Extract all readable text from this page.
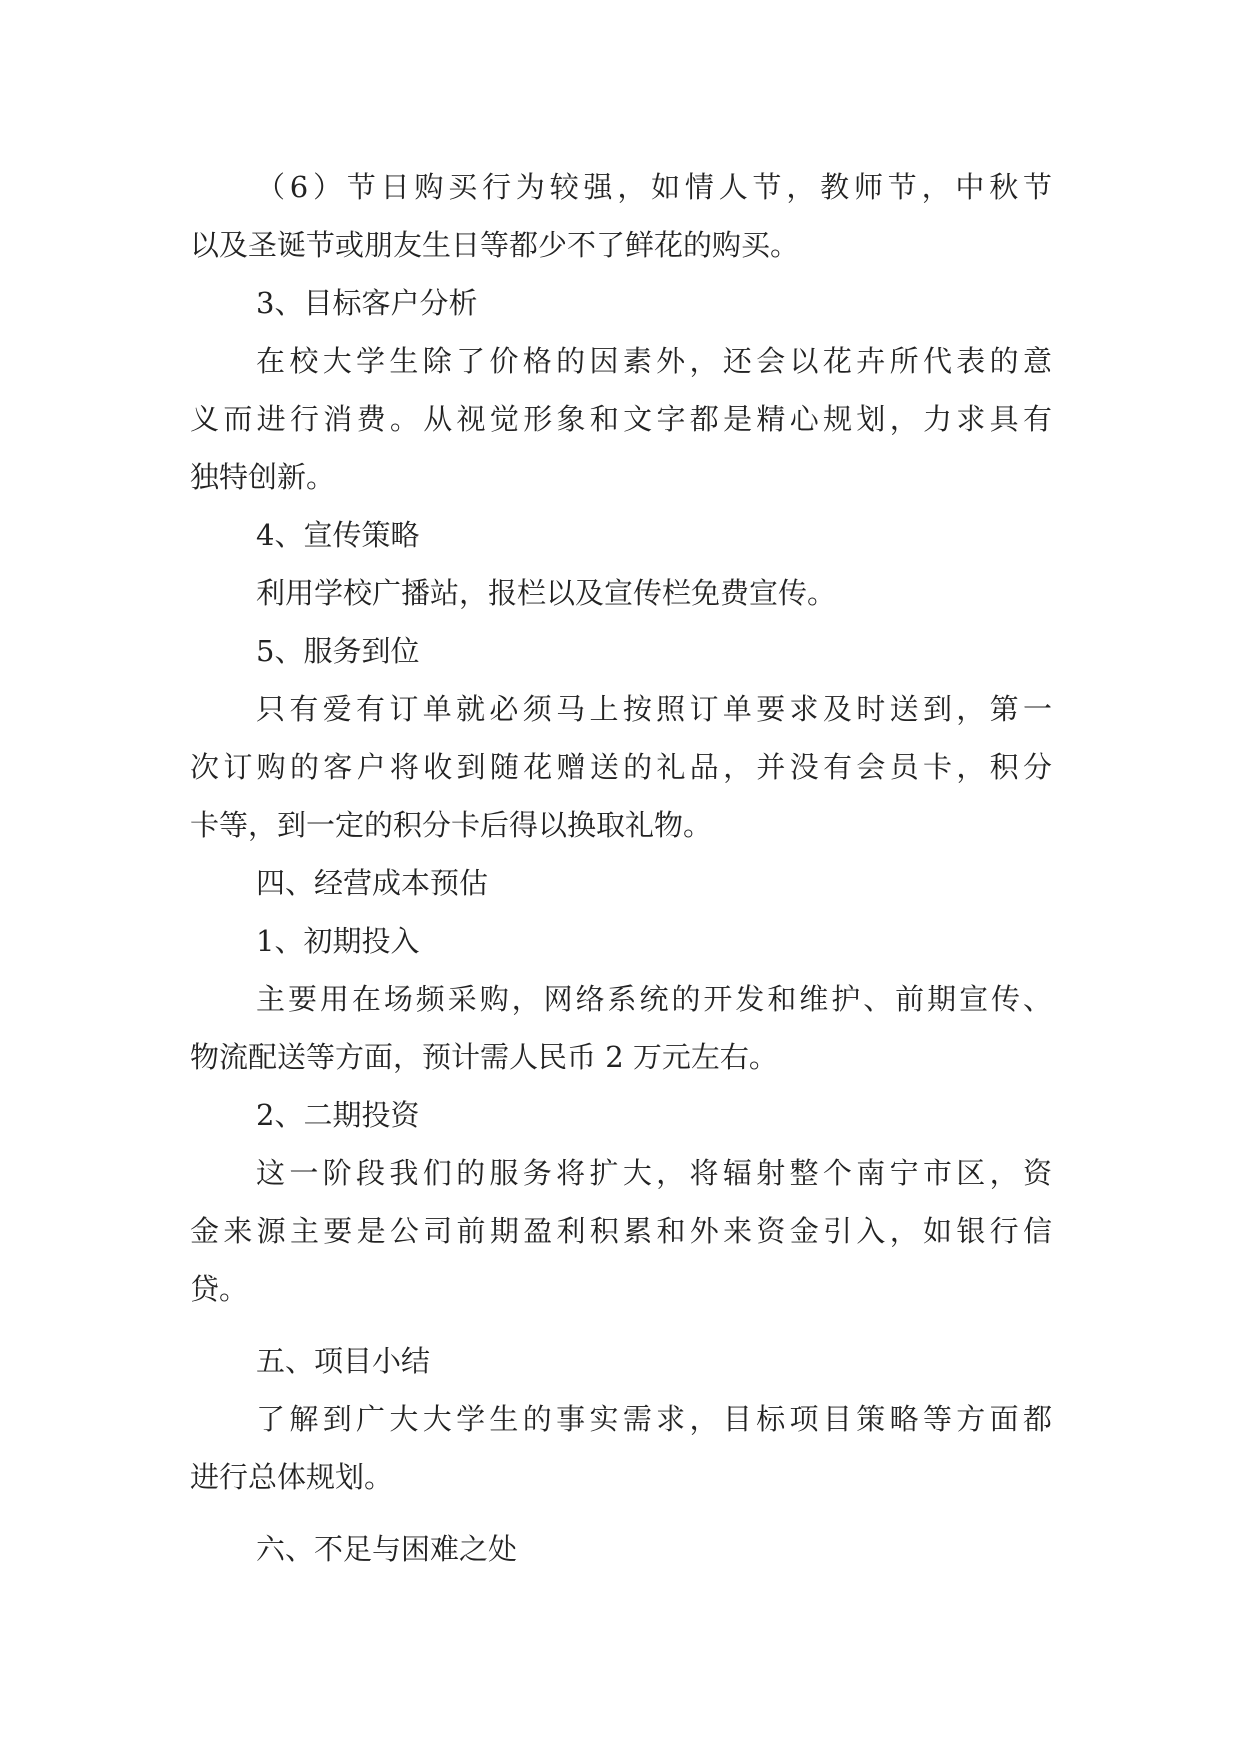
（6）节日购买行为较强，如情人节，教师节，中秋节
以及圣诞节或朋友生日等都少不了鲜花的购买。
3、目标客户分析
在校大学生除了价格的因素外，还会以花卉所代表的意
义而进行消费。从视觉形象和文字都是精心规划，力求具有
独特创新。
4、宣传策略
利用学校广播站，报栏以及宣传栏免费宣传。
5、服务到位
只有爱有订单就必须马上按照订单要求及时送到，第一
次订购的客户将收到随花赠送的礼品，并没有会员卡，积分
卡等，到一定的积分卡后得以换取礼物。
四、经营成本预估
1、初期投入
主要用在场频采购，网络系统的开发和维护、前期宣传、
物流配送等方面，预计需人民币 2 万元左右。
2、二期投资
这一阶段我们的服务将扩大，将辐射整个南宁市区，资
金来源主要是公司前期盈利积累和外来资金引入，如银行信
贷。
五、项目小结
了解到广大大学生的事实需求，目标项目策略等方面都
进行总体规划。
六、不足与困难之处
